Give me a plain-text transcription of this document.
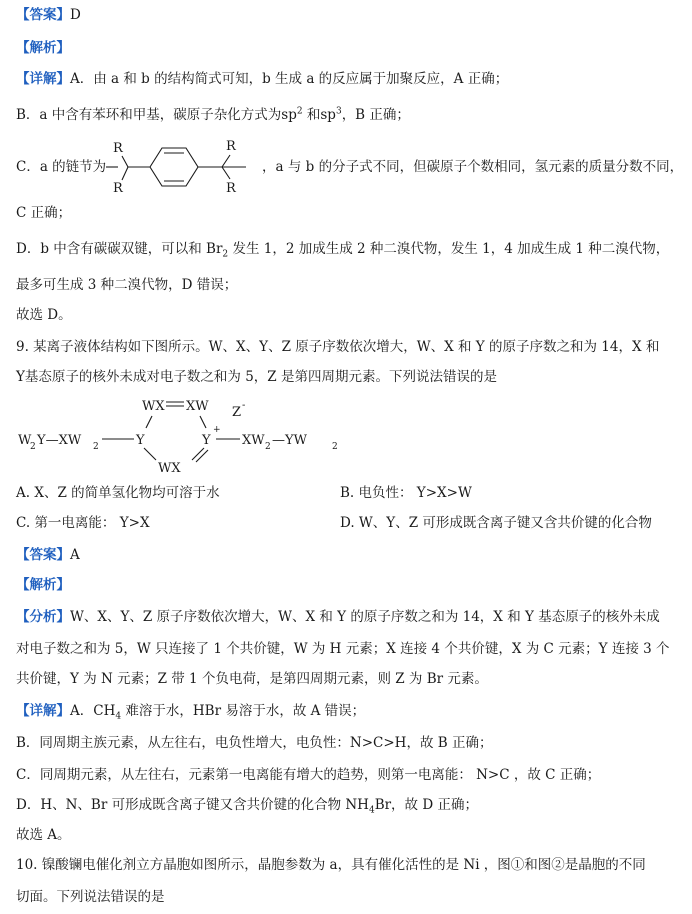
【答案】D
【解析】
【详解】A．由 a 和 b 的结构简式可知，b 生成 a 的反应属于加聚反应，A 正确；
B．a 中含有苯环和甲基，碳原子杂化方式为$sp^2$ 和$sp^3$，B 正确；
C．a 的链节为
R
R
R
R
，a 与 b 的分子式不同，但碳原子个数相同，氢元素的质量分数不同，
C 正确；
D．b 中含有碳碳双键，可以和 $Br_2$ 发生 1，2 加成生成 2 种二溴代物，发生 1，4 加成生成 1 种二溴代物，
最多可生成 3 种二溴代物，D 错误；
故选 D。
9. 某离子液体结构如下图所示。W、X、Y、Z 原子序数依次增大，W、X 和 Y 的原子序数之和为 14，X 和
Y基态原子的核外未成对电子数之和为 5，Z 是第四周期元素。下列说法错误的是
WX XW Z -
W
2 Y—XW 2	Y	Y
+
XW 2 —YW	2
WX
A. X、Z 的简单氢化物均可溶于水	B. 电负性： Y>X>W
C. 第一电离能： Y>X	D. W、Y、Z 可形成既含离子键又含共价键的化合物
【答案】A
【解析】
【分析】W、X、Y、Z 原子序数依次增大，W、X 和 Y 的原子序数之和为 14，X 和 Y 基态原子的核外未成
对电子数之和为 5，W 只连接了 1 个共价键，W 为 H 元素；X 连接 4 个共价键，X 为 C 元素；Y 连接 3 个
共价键，Y 为 N 元素；Z 带 1 个负电荷，是第四周期元素，则 Z 为 Br 元素。
【详解】A．$CH_4$ 难溶于水，HBr 易溶于水，故 A 错误；
B．同周期主族元素，从左往右，电负性增大，电负性：N>C>H，故 B 正确；
C．同周期元素，从左往右，元素第一电离能有增大的趋势，则第一电离能： N>C ，故 C 正确；
D．H、N、Br 可形成既含离子键又含共价键的化合物 $NH_4Br$，故 D 正确；
故选 A。
10. 镍酸镧电催化剂立方晶胞如图所示，晶胞参数为 a，具有催化活性的是 Ni ，图①和图②是晶胞的不同
切面。下列说法错误的是
